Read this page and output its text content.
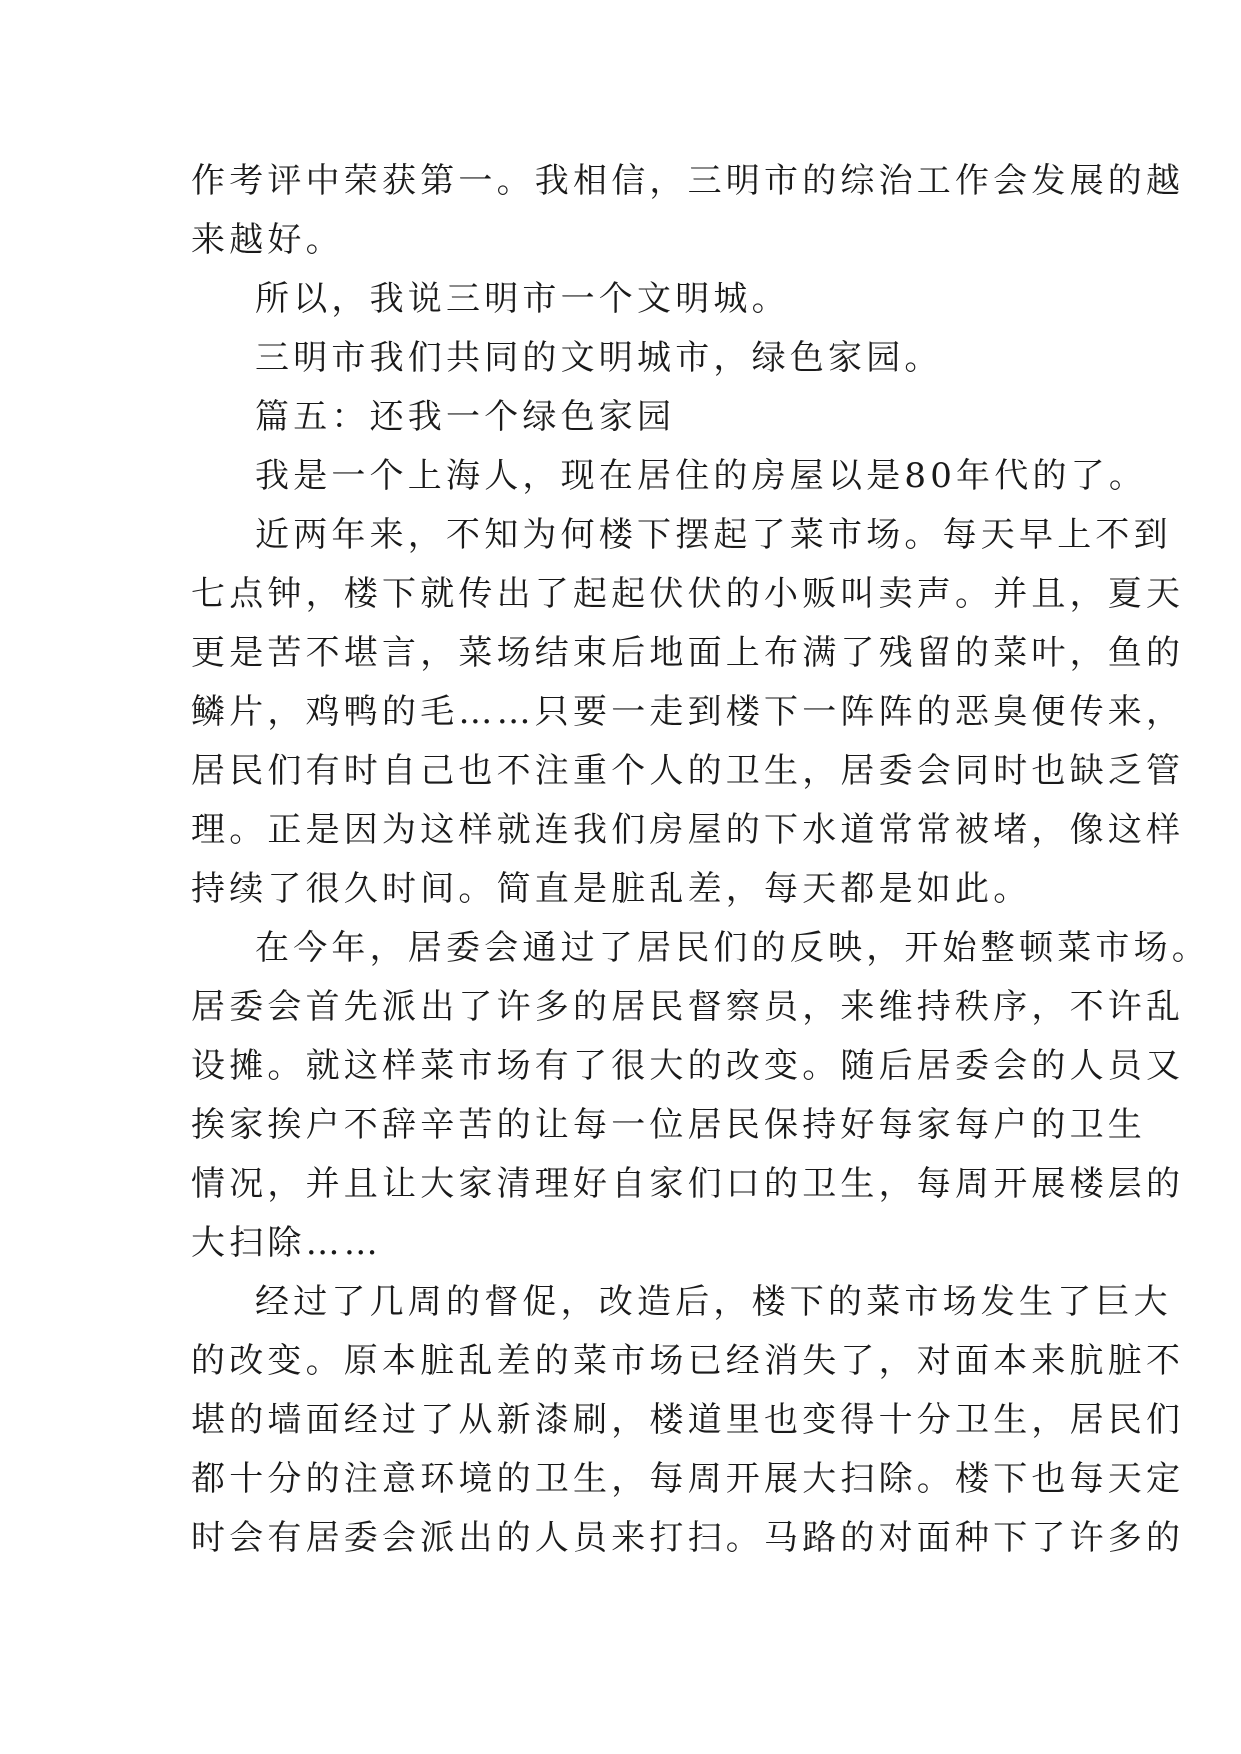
作考评中荣获第一。我相信，三明市的综治工作会发展的越
来越好。
所以，我说三明市一个文明城。
三明市我们共同的文明城市，绿色家园。
篇五：还我一个绿色家园
我是一个上海人，现在居住的房屋以是80年代的了。
近两年来，不知为何楼下摆起了菜市场。每天早上不到
七点钟，楼下就传出了起起伏伏的小贩叫卖声。并且，夏天
更是苦不堪言，菜场结束后地面上布满了残留的菜叶，鱼的
鳞片，鸡鸭的毛……只要一走到楼下一阵阵的恶臭便传来，
居民们有时自己也不注重个人的卫生，居委会同时也缺乏管
理。正是因为这样就连我们房屋的下水道常常被堵，像这样
持续了很久时间。简直是脏乱差，每天都是如此。
在今年，居委会通过了居民们的反映，开始整顿菜市场。
居委会首先派出了许多的居民督察员，来维持秩序，不许乱
设摊。就这样菜市场有了很大的改变。随后居委会的人员又
挨家挨户不辞辛苦的让每一位居民保持好每家每户的卫生
情况，并且让大家清理好自家们口的卫生，每周开展楼层的
大扫除……
经过了几周的督促，改造后，楼下的菜市场发生了巨大
的改变。原本脏乱差的菜市场已经消失了，对面本来肮脏不
堪的墙面经过了从新漆刷，楼道里也变得十分卫生，居民们
都十分的注意环境的卫生，每周开展大扫除。楼下也每天定
时会有居委会派出的人员来打扫。马路的对面种下了许多的
